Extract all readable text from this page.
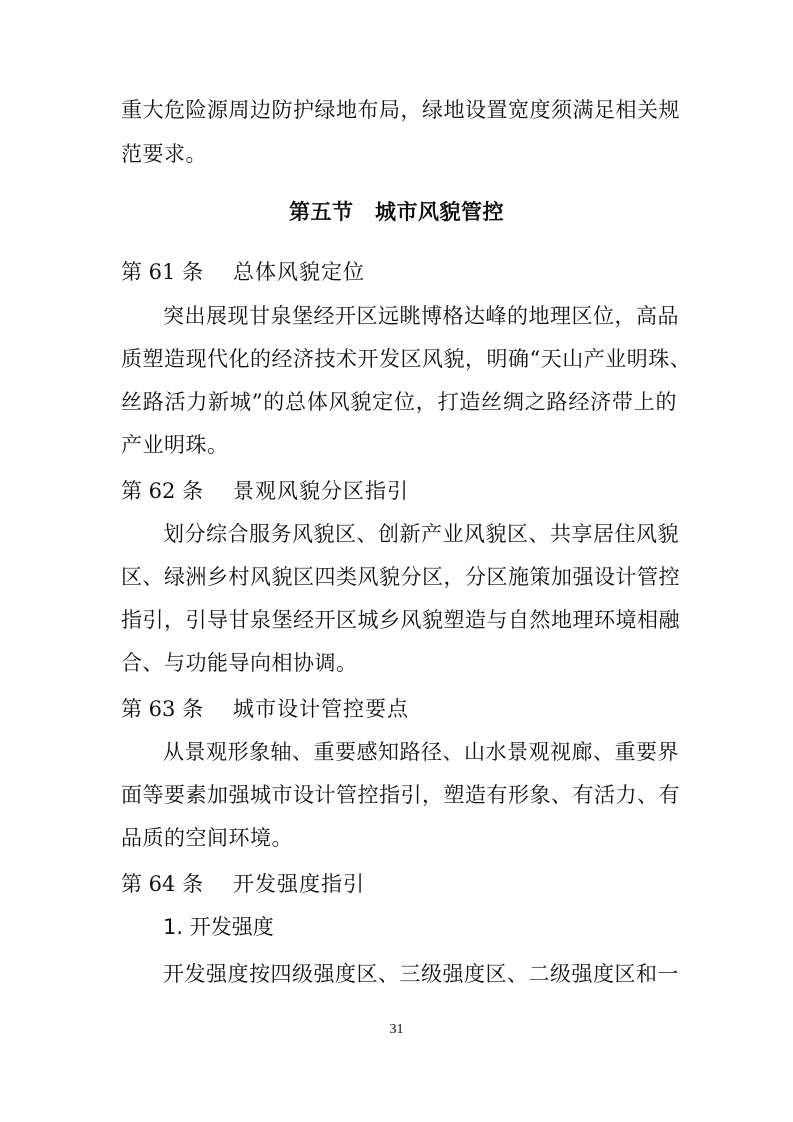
重大危险源周边防护绿地布局，绿地设置宽度须满足相关规
范要求。
第五节　城市风貌管控
第 61 条 总体风貌定位
突出展现甘泉堡经开区远眺博格达峰的地理区位，高品
质塑造现代化的经济技术开发区风貌，明确“天山产业明珠、
丝路活力新城”的总体风貌定位，打造丝绸之路经济带上的
产业明珠。
第 62 条 景观风貌分区指引
划分综合服务风貌区、创新产业风貌区、共享居住风貌
区、绿洲乡村风貌区四类风貌分区，分区施策加强设计管控
指引，引导甘泉堡经开区城乡风貌塑造与自然地理环境相融
合、与功能导向相协调。
第 63 条 城市设计管控要点
从景观形象轴、重要感知路径、山水景观视廊、重要界
面等要素加强城市设计管控指引，塑造有形象、有活力、有
品质的空间环境。
第 64 条 开发强度指引
1. 开发强度
开发强度按四级强度区、三级强度区、二级强度区和一
31
